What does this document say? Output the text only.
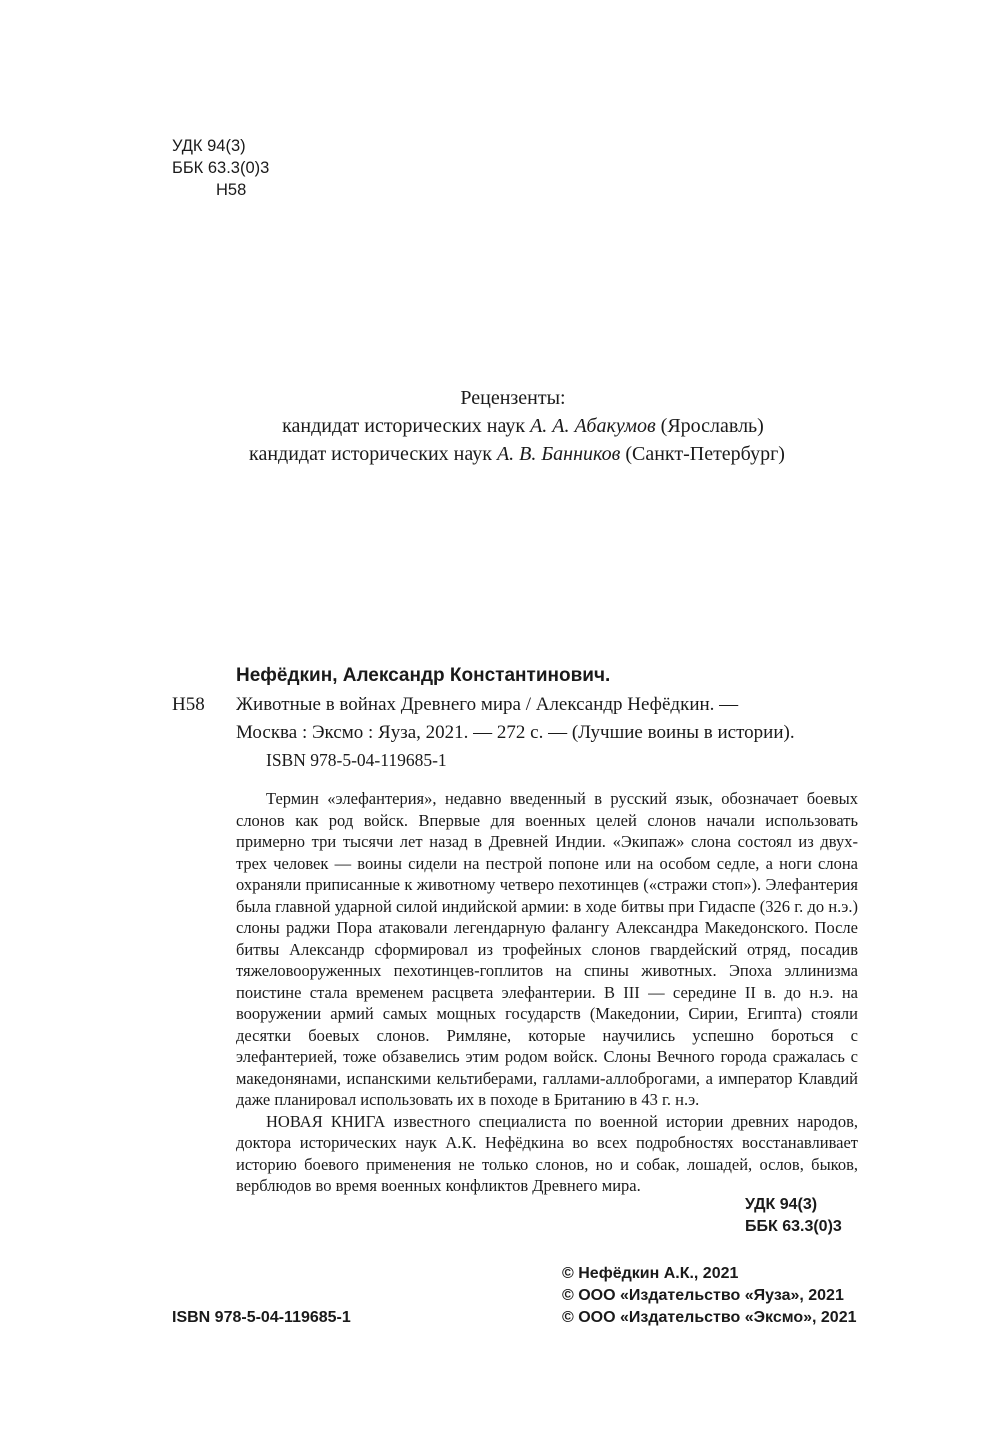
УДК 94(3)
ББК 63.3(0)3
Н58
Рецензенты:
кандидат исторических наук А. А. Абакумов (Ярославль)
кандидат исторических наук А. В. Банников (Санкт-Петербург)
Нефёдкин, Александр Константинович.
Н58 Животные в войнах Древнего мира / Александр Нефёдкин. —
Москва : Эксмо : Яуза, 2021. — 272 с. — (Лучшие воины в истории).
ISBN 978-5-04-119685-1

Термин «элефантерия», недавно введенный в русский язык, обозначает боевых слонов как род войск. Впервые для военных целей слонов начали использовать примерно три тысячи лет назад в Древней Индии. «Экипаж» слона состоял из двух-трех человек — воины сидели на пестрой попоне или на особом седле, а ноги слона охраняли приписанные к животному четверо пехотинцев («стражи стоп»). Элефантерия была главной ударной силой индийской армии: в ходе битвы при Гидаспе (326 г. до н.э.) слоны раджи Пора атаковали легендарную фалангу Александра Македонского. После битвы Александр сформировал из трофейных слонов гвардейский отряд, посадив тяжеловооруженных пехотинцев-гоплитов на спины животных. Эпоха эллинизма поистине стала временем расцвета элефантерии. В III — середине II в. до н.э. на вооружении армий самых мощных государств (Македонии, Сирии, Египта) стояли десятки боевых слонов. Римляне, которые научились успешно бороться с элефантерией, тоже обзавелись этим родом войск. Слоны Вечного города сражалась с македонянами, испанскими кельтиберами, галлами-аллоброгами, а император Клавдий даже планировал использовать их в походе в Британию в 43 г. н.э.

НОВАЯ КНИГА известного специалиста по военной истории древних народов, доктора исторических наук А.К. Нефёдкина во всех подробностях восстанавливает историю боевого применения не только слонов, но и собак, лошадей, ослов, быков, верблюдов во время военных конфликтов Древнего мира.

УДК 94(3)
ББК 63.3(0)3
© Нефёдкин А.К., 2021
© ООО «Издательство «Яуза», 2021
© ООО «Издательство «Эксмо», 2021
ISBN 978-5-04-119685-1
